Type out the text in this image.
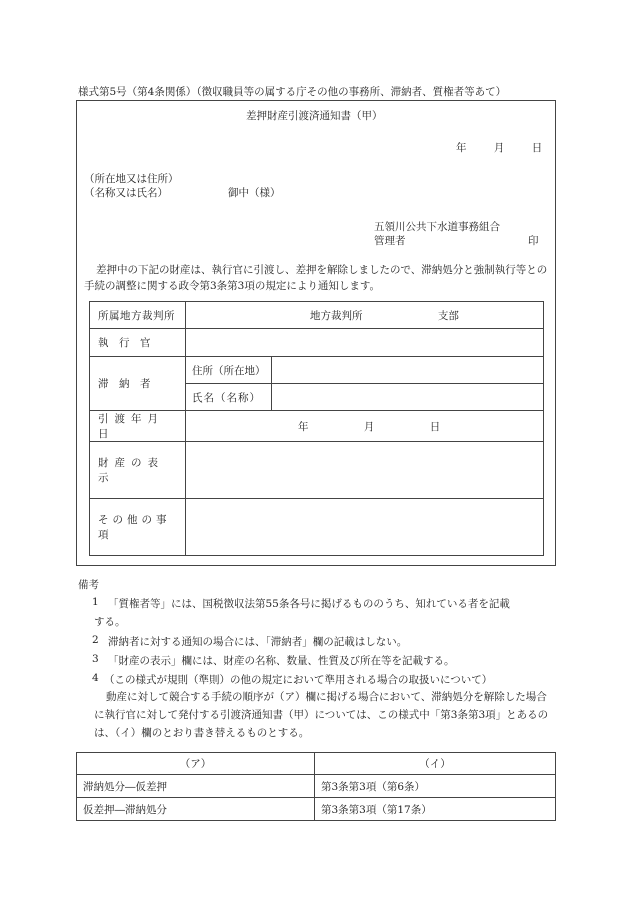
様式第5号（第4条関係）（徴収職員等の属する庁その他の事務所、滞納者、質権者等あて）
差押財産引渡済通知書（甲）
年	月	日
（所在地又は住所）
（名称又は氏名）	御中（様）
五領川公共下水道事務組合
管理者	印
差押中の下記の財産は、執行官に引渡し、差押を解除しましたので、滞納処分と強制執行等との手続の調整に関する政令第3条第3項の規定により通知します。
所属地方裁判所	地方裁判所 支部	

執　行　官		

滞　納　者	住所（所在地）	
	氏名（名称）	

引渡年月日	年 月 日	

財産の表示		

その他の事項		

備考
1 「質権者等」には、国税徴収法第55条各号に掲げるもののうち、知れている者を記載
する。
2 滞納者に対する通知の場合には、「滞納者」欄の記載はしない。
3 「財産の表示」欄には、財産の名称、数量、性質及び所在等を記載する。
4 （この様式が規則（準則）の他の規定において準用される場合の取扱いについて）
動産に対して競合する手続の順序が（ア）欄に掲げる場合において、滞納処分を解除した場合に執行官に対して発付する引渡済通知書（甲）については、この様式中「第3条第3項」とあるのは、（イ）欄のとおり書き替えるものとする。
（ア）	（イ）
滞納処分―仮差押	第3条第3項（第6条）
仮差押―滞納処分	第3条第3項（第17条）
